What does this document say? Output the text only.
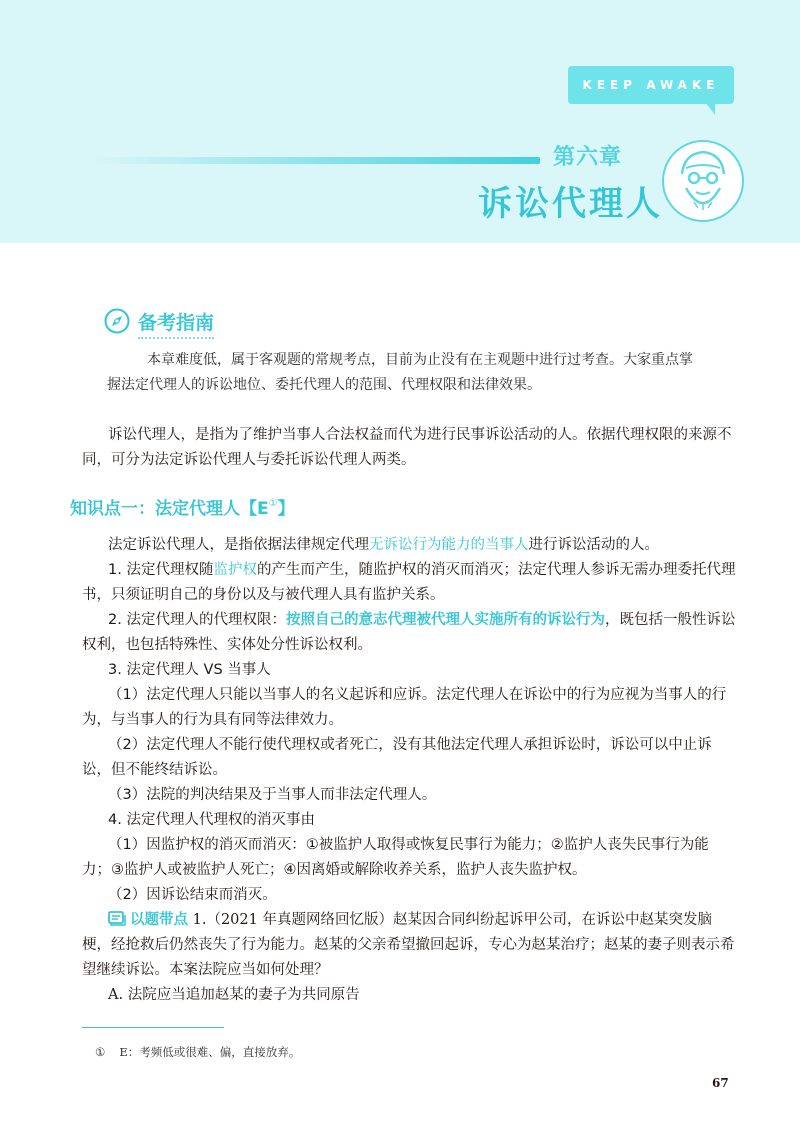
KEEP AWAKE
第六章
诉讼代理人
备考指南
本章难度低，属于客观题的常规考点，目前为止没有在主观题中进行过考查。大家重点掌握法定代理人的诉讼地位、委托代理人的范围、代理权限和法律效果。
诉讼代理人，是指为了维护当事人合法权益而代为进行民事诉讼活动的人。依据代理权限的来源不同，可分为法定诉讼代理人与委托诉讼代理人两类。
知识点一：法定代理人【E①】
法定诉讼代理人，是指依据法律规定代理无诉讼行为能力的当事人进行诉讼活动的人。
1. 法定代理权随监护权的产生而产生，随监护权的消灭而消灭；法定代理人参诉无需办理委托代理书，只须证明自己的身份以及与被代理人具有监护关系。
2. 法定代理人的代理权限：按照自己的意志代理被代理人实施所有的诉讼行为，既包括一般性诉讼权利，也包括特殊性、实体处分性诉讼权利。
3. 法定代理人 VS 当事人
（1）法定代理人只能以当事人的名义起诉和应诉。法定代理人在诉讼中的行为应视为当事人的行为，与当事人的行为具有同等法律效力。
（2）法定代理人不能行使代理权或者死亡，没有其他法定代理人承担诉讼时，诉讼可以中止诉讼，但不能终结诉讼。
（3）法院的判决结果及于当事人而非法定代理人。
4. 法定代理人代理权的消灭事由
（1）因监护权的消灭而消灭：①被监护人取得或恢复民事行为能力；②监护人丧失民事行为能力；③监护人或被监护人死亡；④因离婚或解除收养关系，监护人丧失监护权。
（2）因诉讼结束而消灭。
以题带点 1.（2021 年真题网络回忆版）赵某因合同纠纷起诉甲公司，在诉讼中赵某突发脑梗，经抢救后仍然丧失了行为能力。赵某的父亲希望撤回起诉，专心为赵某治疗；赵某的妻子则表示希望继续诉讼。本案法院应当如何处理？
A. 法院应当追加赵某的妻子为共同原告
① E：考频低或很难、偏，直接放弃。
67
